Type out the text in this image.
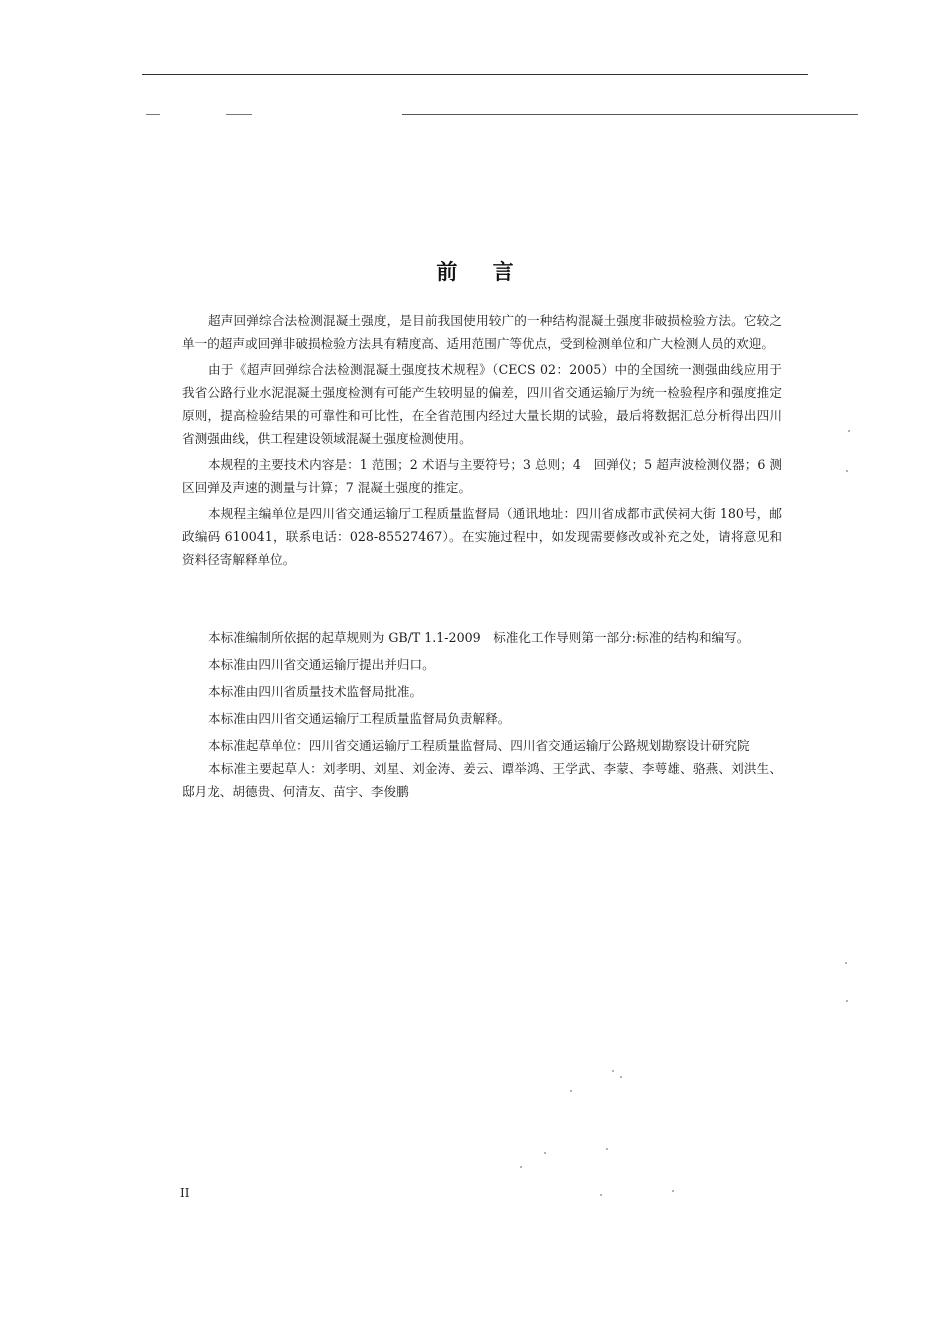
前 言

超声回弹综合法检测混凝土强度，是目前我国使用较广的一种结构混凝土强度非破损检验方法。它较之单一的超声或回弹非破损检验方法具有精度高、适用范围广等优点，受到检测单位和广大检测人员的欢迎。

由于《超声回弹综合法检测混凝土强度技术规程》（CECS 02：2005）中的全国统一测强曲线应用于我省公路行业水泥混凝土强度检测有可能产生较明显的偏差，四川省交通运输厅为统一检验程序和强度推定原则，提高检验结果的可靠性和可比性，在全省范围内经过大量长期的试验，最后将数据汇总分析得出四川省测强曲线，供工程建设领域混凝土强度检测使用。

本规程的主要技术内容是：1 范围；2 术语与主要符号；3 总则；4　回弹仪；5 超声波检测仪器；6 测区回弹及声速的测量与计算；7 混凝土强度的推定。

本规程主编单位是四川省交通运输厅工程质量监督局（通讯地址：四川省成都市武侯祠大街 180号，邮政编码 610041，联系电话：028-85527467）。在实施过程中，如发现需要修改或补充之处，请将意见和资料径寄解释单位。

本标准编制所依据的起草规则为 GB/T 1.1-2009　标准化工作导则第一部分:标准的结构和编写。

本标准由四川省交通运输厅提出并归口。

本标准由四川省质量技术监督局批准。

本标准由四川省交通运输厅工程质量监督局负责解释。

本标准起草单位：四川省交通运输厅工程质量监督局、四川省交通运输厅公路规划勘察设计研究院

本标准主要起草人：刘孝明、刘星、刘金涛、姜云、谭举鸿、王学武、李蒙、李萼雄、骆燕、刘洪生、邸月龙、胡德贵、何清友、苗宇、李俊鹏

II
